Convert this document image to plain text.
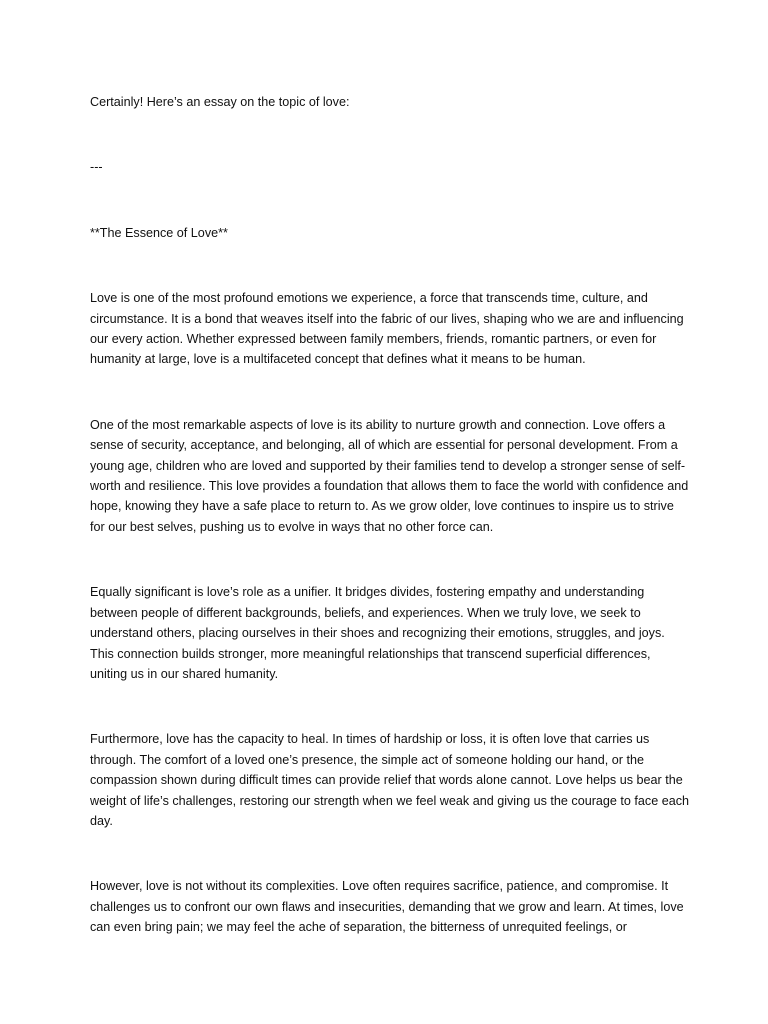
Certainly! Here’s an essay on the topic of love:

---

**The Essence of Love**

Love is one of the most profound emotions we experience, a force that transcends time, culture, and circumstance. It is a bond that weaves itself into the fabric of our lives, shaping who we are and influencing our every action. Whether expressed between family members, friends, romantic partners, or even for humanity at large, love is a multifaceted concept that defines what it means to be human.

One of the most remarkable aspects of love is its ability to nurture growth and connection. Love offers a sense of security, acceptance, and belonging, all of which are essential for personal development. From a young age, children who are loved and supported by their families tend to develop a stronger sense of self-worth and resilience. This love provides a foundation that allows them to face the world with confidence and hope, knowing they have a safe place to return to. As we grow older, love continues to inspire us to strive for our best selves, pushing us to evolve in ways that no other force can.

Equally significant is love’s role as a unifier. It bridges divides, fostering empathy and understanding between people of different backgrounds, beliefs, and experiences. When we truly love, we seek to understand others, placing ourselves in their shoes and recognizing their emotions, struggles, and joys. This connection builds stronger, more meaningful relationships that transcend superficial differences, uniting us in our shared humanity.

Furthermore, love has the capacity to heal. In times of hardship or loss, it is often love that carries us through. The comfort of a loved one’s presence, the simple act of someone holding our hand, or the compassion shown during difficult times can provide relief that words alone cannot. Love helps us bear the weight of life’s challenges, restoring our strength when we feel weak and giving us the courage to face each day.

However, love is not without its complexities. Love often requires sacrifice, patience, and compromise. It challenges us to confront our own flaws and insecurities, demanding that we grow and learn. At times, love can even bring pain; we may feel the ache of separation, the bitterness of unrequited feelings, or
